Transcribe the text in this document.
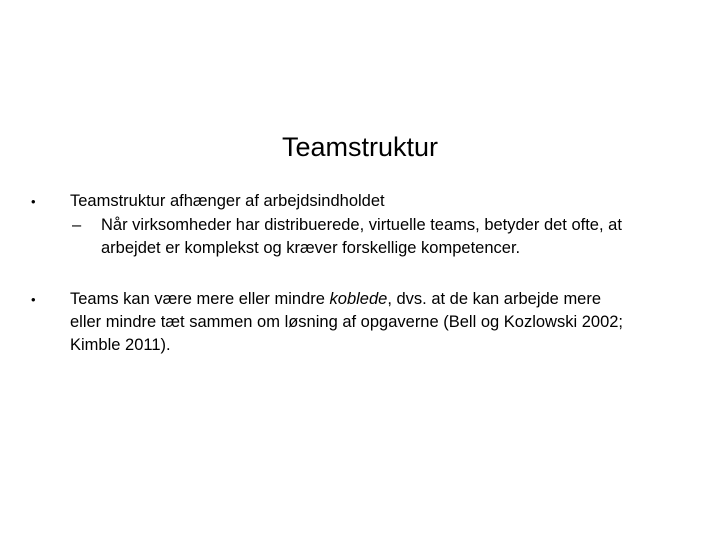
Teamstruktur
• Teamstruktur afhænger af arbejdsindholdet
– Når virksomheder har distribuerede, virtuelle teams, betyder det ofte, at
arbejdet er komplekst og kræver forskellige kompetencer.
• Teams kan være mere eller mindre koblede, dvs. at de kan arbejde mere
eller mindre tæt sammen om løsning af opgaverne (Bell og Kozlowski 2002;
Kimble 2011).
